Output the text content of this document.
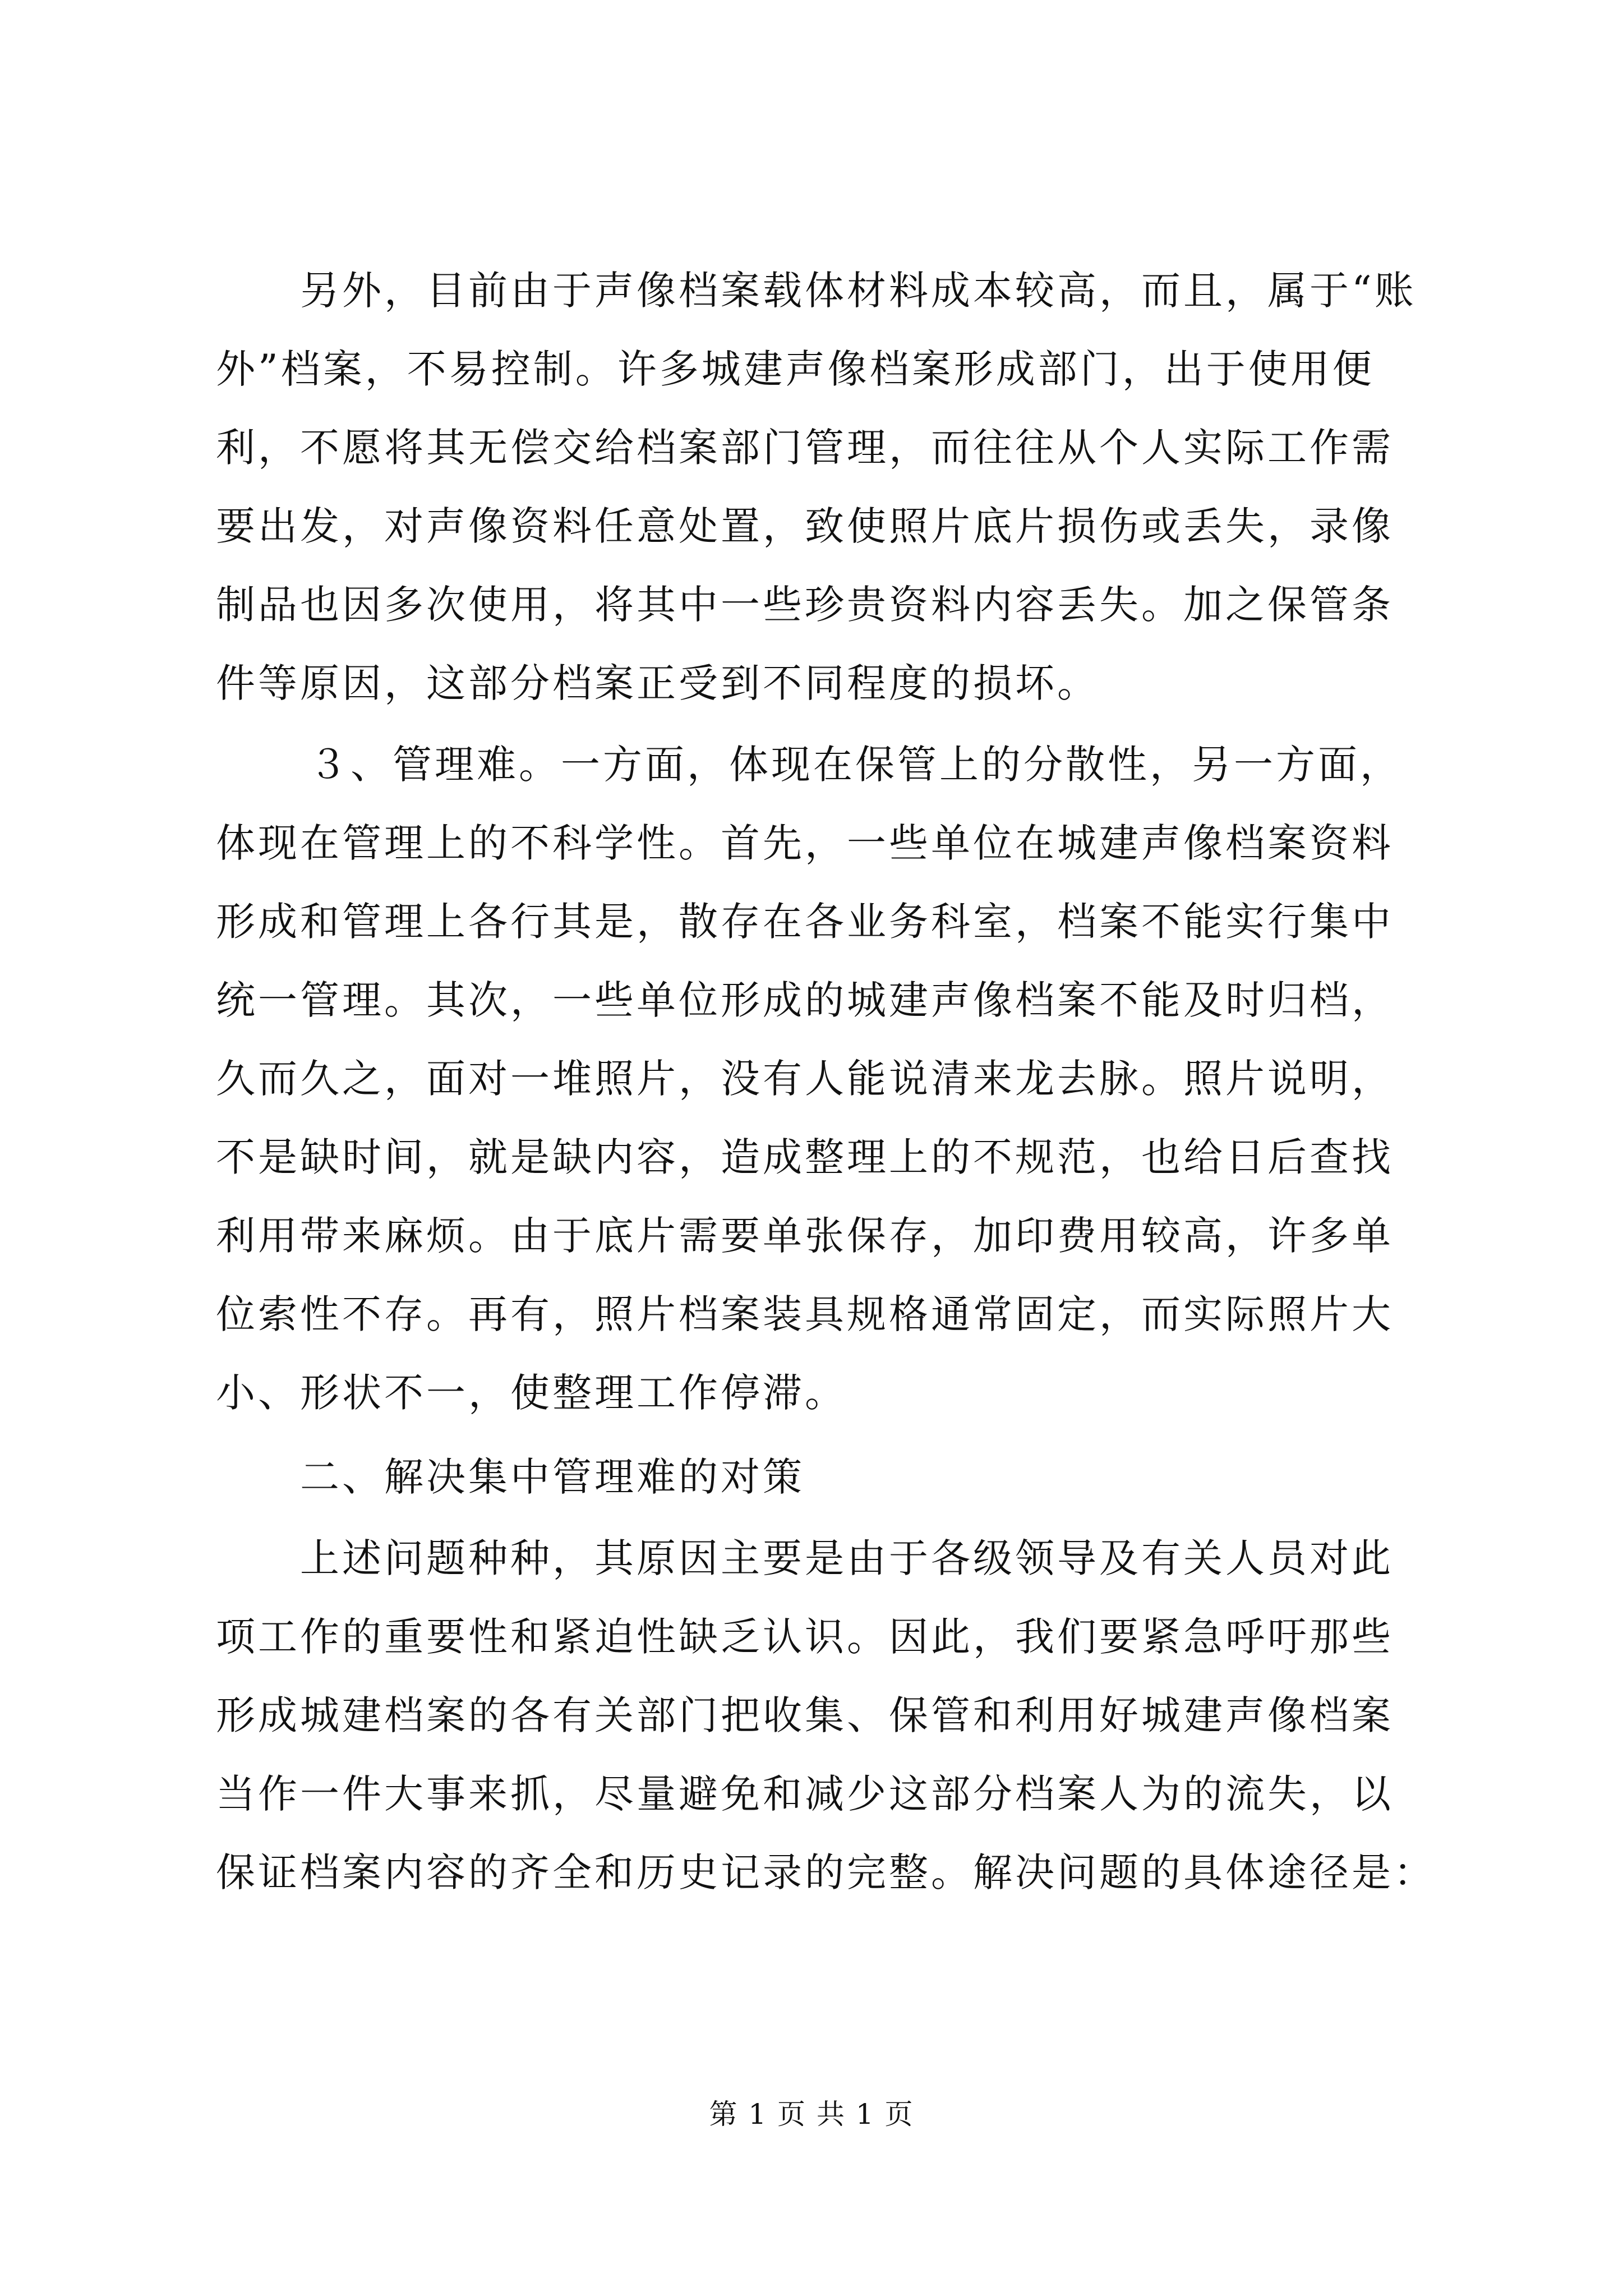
另外，目前由于声像档案载体材料成本较高，而且，属于“账
外”档案，不易控制。许多城建声像档案形成部门，出于使用便
利，不愿将其无偿交给档案部门管理，而往往从个人实际工作需
要出发，对声像资料任意处置，致使照片底片损伤或丢失，录像
制品也因多次使用，将其中一些珍贵资料内容丢失。加之保管条
件等原因，这部分档案正受到不同程度的损坏。
３、管理难。一方面，体现在保管上的分散性，另一方面，
体现在管理上的不科学性。首先，一些单位在城建声像档案资料
形成和管理上各行其是，散存在各业务科室，档案不能实行集中
统一管理。其次，一些单位形成的城建声像档案不能及时归档，
久而久之，面对一堆照片，没有人能说清来龙去脉。照片说明，
不是缺时间，就是缺内容，造成整理上的不规范，也给日后查找
利用带来麻烦。由于底片需要单张保存，加印费用较高，许多单
位索性不存。再有，照片档案装具规格通常固定，而实际照片大
小、形状不一，使整理工作停滞。
二、解决集中管理难的对策
上述问题种种，其原因主要是由于各级领导及有关人员对此
项工作的重要性和紧迫性缺乏认识。因此，我们要紧急呼吁那些
形成城建档案的各有关部门把收集、保管和利用好城建声像档案
当作一件大事来抓，尽量避免和减少这部分档案人为的流失，以
保证档案内容的齐全和历史记录的完整。解决问题的具体途径是：
第 1 页 共 1 页
